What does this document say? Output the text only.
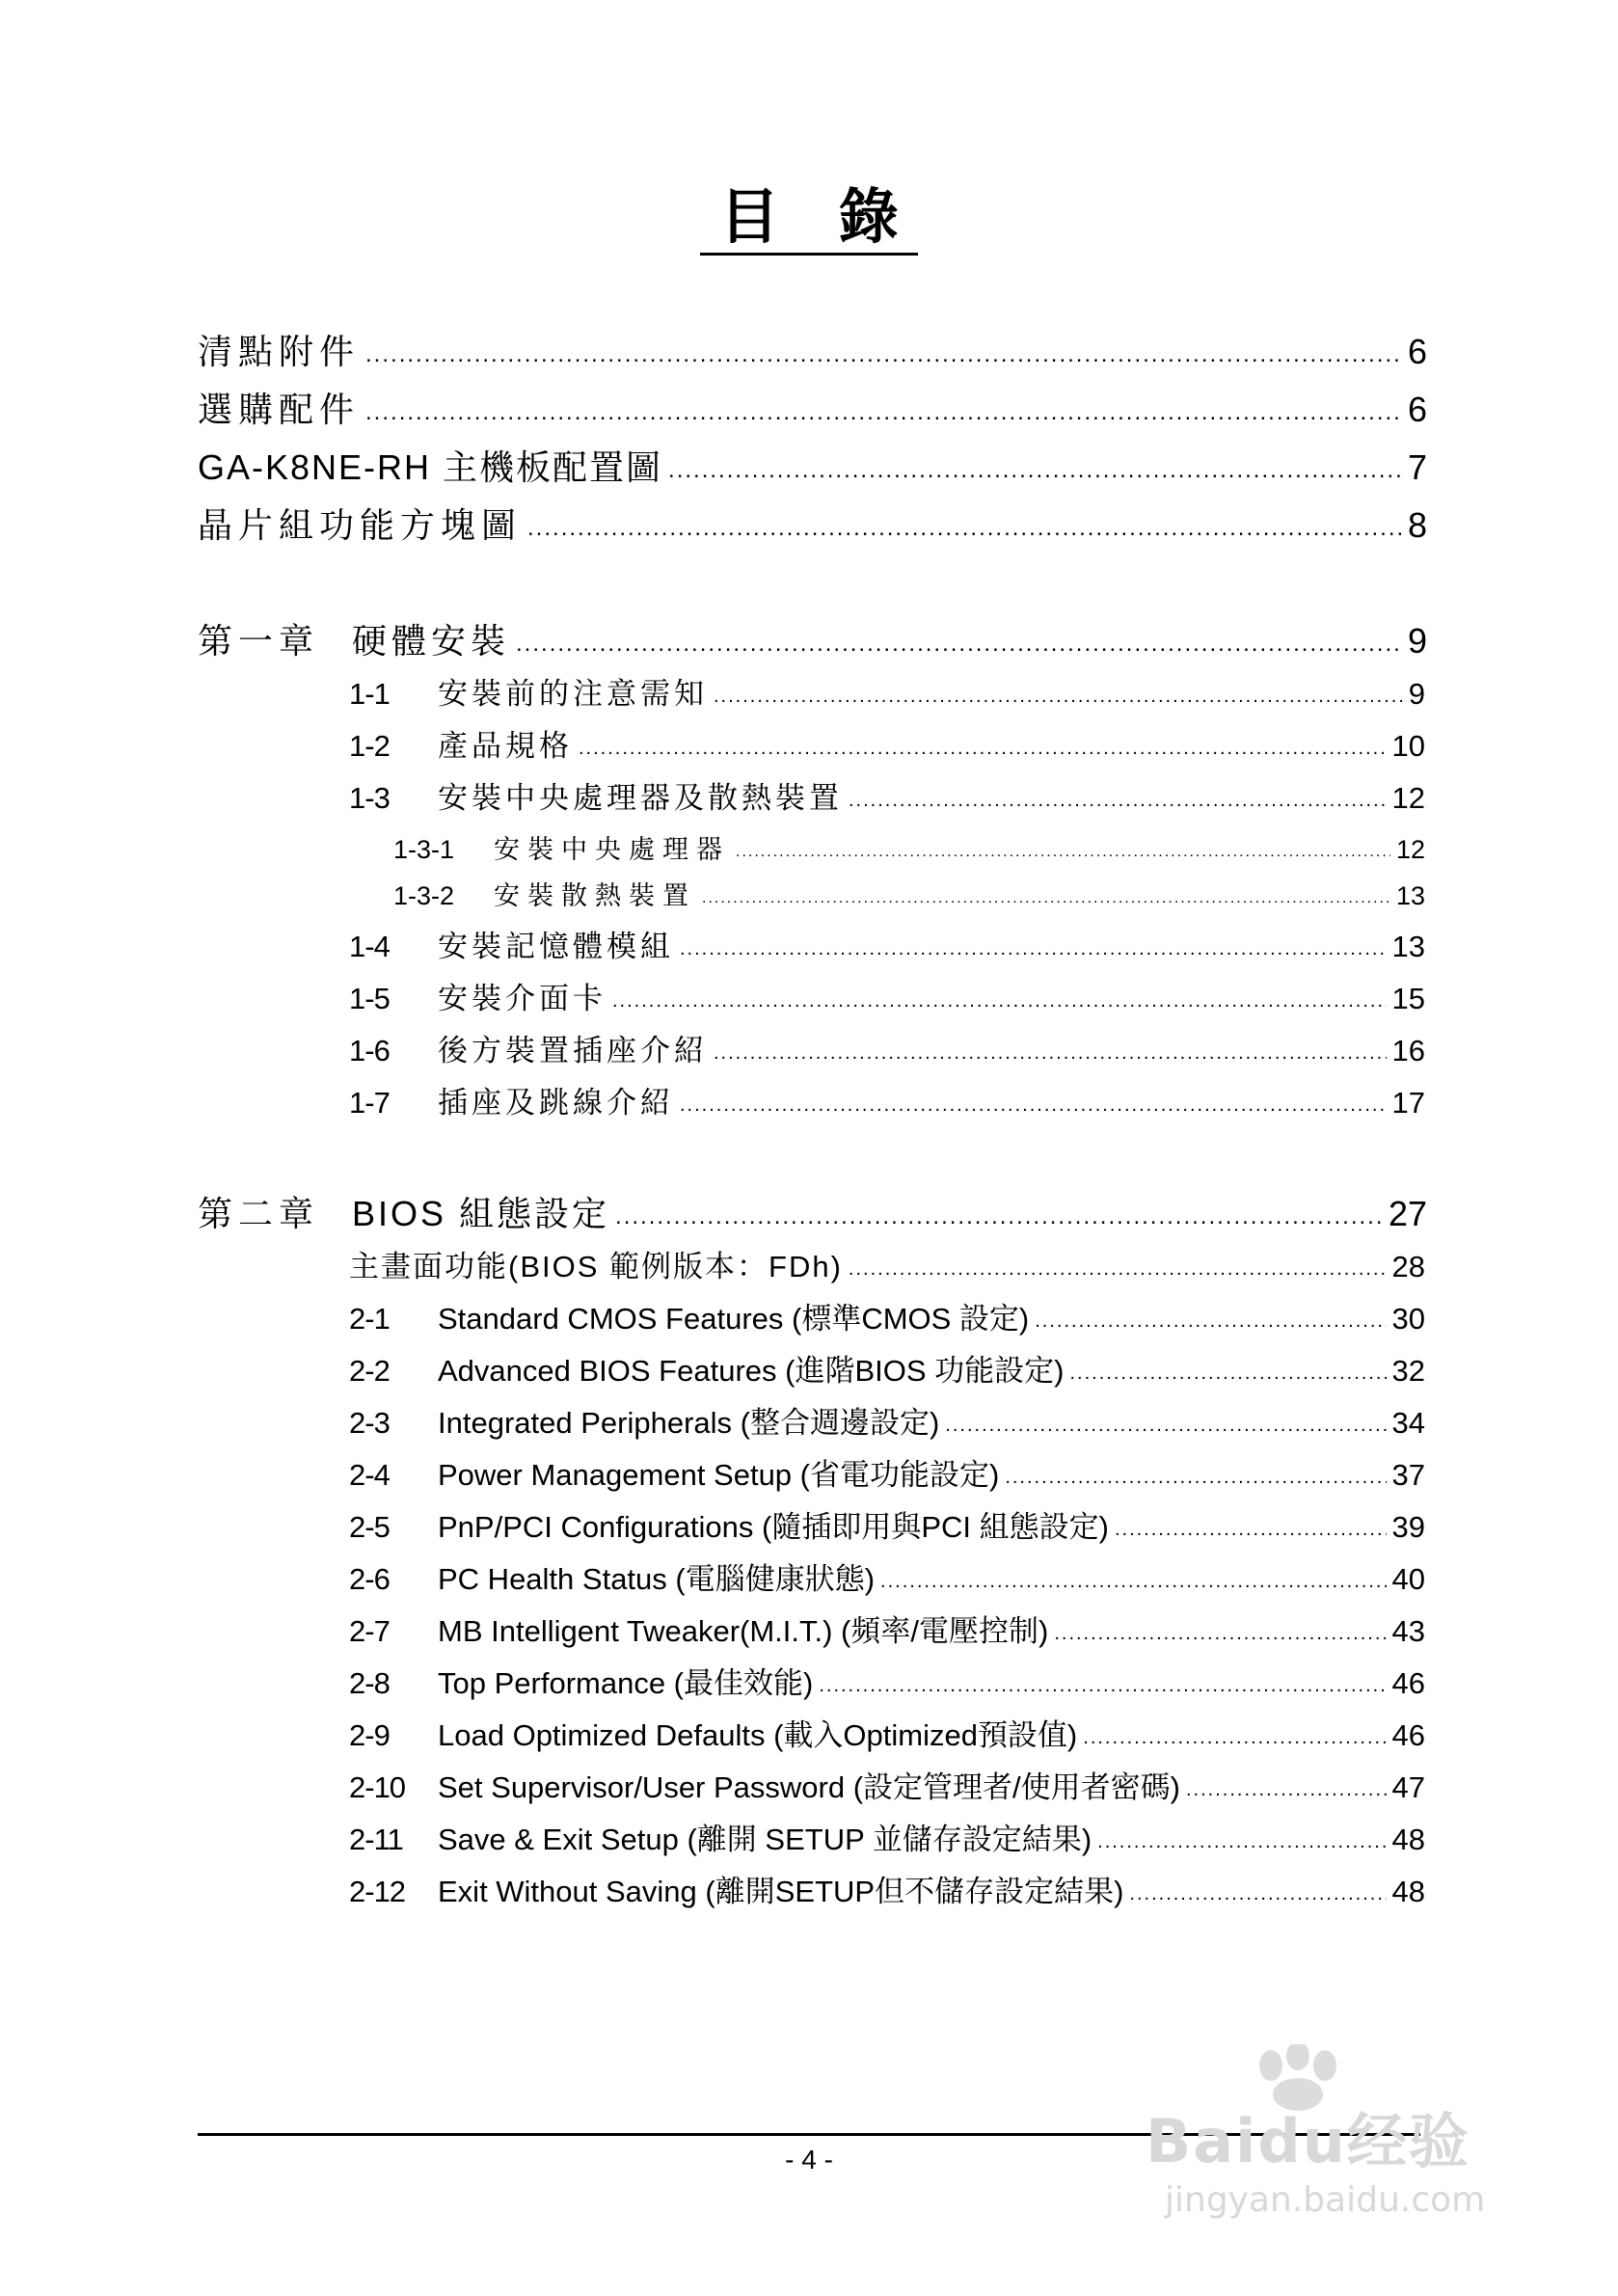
目 錄
清點附件 .....	6
選購配件 .....	6
GA-K8NE-RH 主機板配置圖 .....	7
晶片組功能方塊圖 .....	8
第一章 硬體安裝 .....	9
1-1	安裝前的注意需知 .....	9
1-2	產品規格 .....	10
1-3	安裝中央處理器及散熱裝置 .....	12
1-3-1	安裝中央處理器 .....	12
1-3-2	安裝散熱裝置 .....	13
1-4	安裝記憶體模組 .....	13
1-5	安裝介面卡 .....	15
1-6	後方裝置插座介紹 .....	16
1-7	插座及跳線介紹 .....	17
第二章 BIOS 組態設定 .....	27
主畫面功能(BIOS 範例版本：FDh) .....	28
2-1	Standard CMOS Features (標準CMOS 設定) .....	30
2-2	Advanced BIOS Features (進階BIOS 功能設定) .....	32
2-3	Integrated Peripherals (整合週邊設定) .....	34
2-4	Power Management Setup (省電功能設定) .....	37
2-5	PnP/PCI Configurations (隨插即用與PCI 組態設定) .....	39
2-6	PC Health Status (電腦健康狀態) .....	40
2-7	MB Intelligent Tweaker(M.I.T.) (頻率/電壓控制) .....	43
2-8	Top Performance (最佳效能) .....	46
2-9	Load Optimized Defaults (載入Optimized預設值) .....	46
2-10	Set Supervisor/User Password (設定管理者/使用者密碼) .....	47
2-11	Save & Exit Setup (離開 SETUP 並儲存設定結果) .....	48
2-12	Exit Without Saving (離開SETUP但不儲存設定結果) .....	48
- 4 -	Baidu经验
jingyan.baidu.com
